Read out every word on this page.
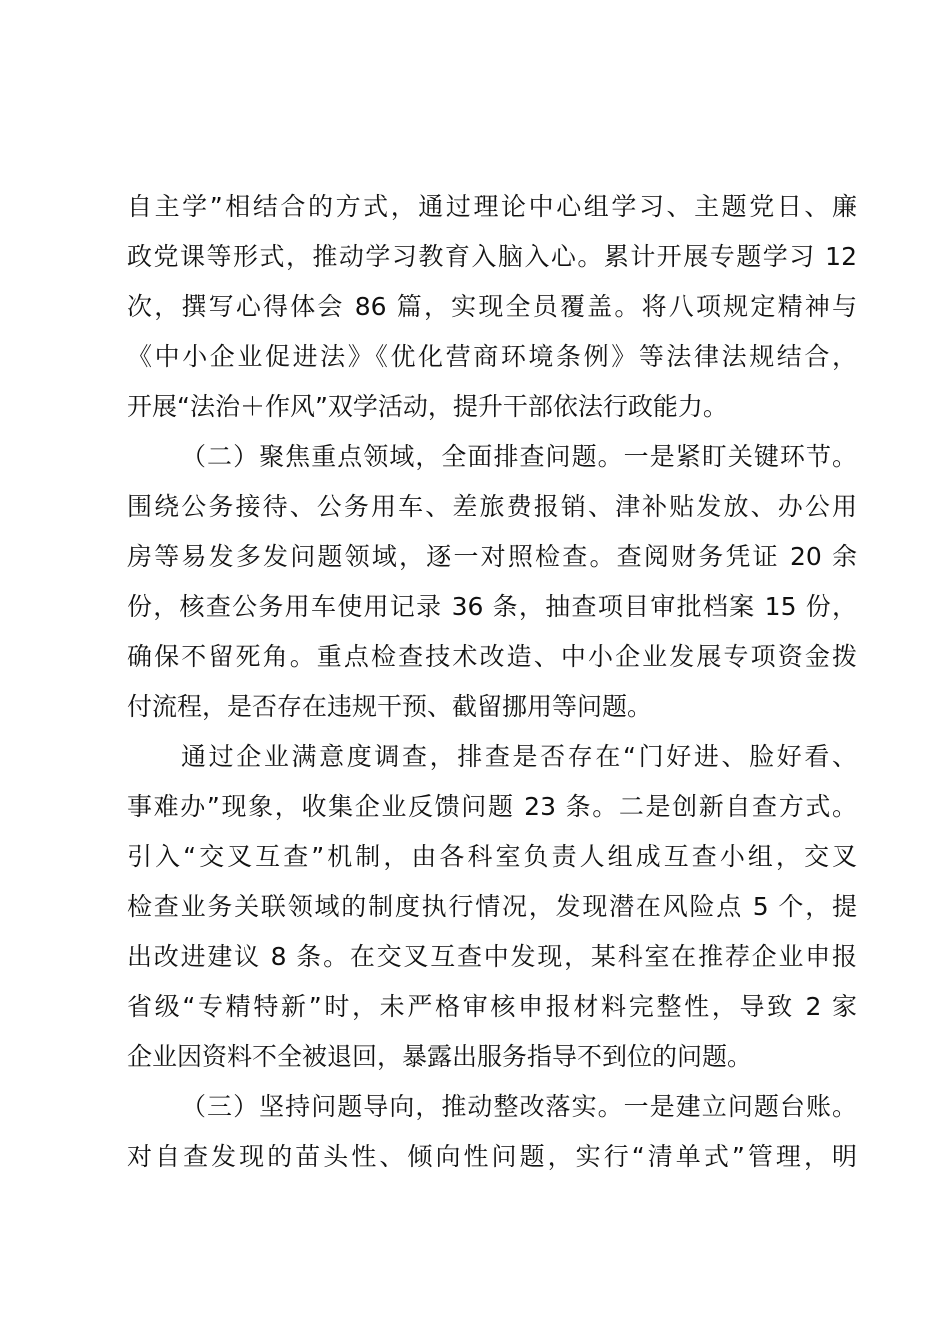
自主学”相结合的方式，通过理论中心组学习、主题党日、廉
政党课等形式，推动学习教育入脑入心。累计开展专题学习 12
次，撰写心得体会 86 篇，实现全员覆盖。将八项规定精神与
《中小企业促进法》《优化营商环境条例》等法律法规结合，
开展“法治＋作风”双学活动，提升干部依法行政能力。
（二）聚焦重点领域，全面排查问题。一是紧盯关键环节。
围绕公务接待、公务用车、差旅费报销、津补贴发放、办公用
房等易发多发问题领域，逐一对照检查。查阅财务凭证 20 余
份，核查公务用车使用记录 36 条，抽查项目审批档案 15 份，
确保不留死角。重点检查技术改造、中小企业发展专项资金拨
付流程，是否存在违规干预、截留挪用等问题。
通过企业满意度调查，排查是否存在“门好进、脸好看、
事难办”现象，收集企业反馈问题 23 条。二是创新自查方式。
引入“交叉互查”机制，由各科室负责人组成互查小组，交叉
检查业务关联领域的制度执行情况，发现潜在风险点 5 个，提
出改进建议 8 条。在交叉互查中发现，某科室在推荐企业申报
省级“专精特新”时，未严格审核申报材料完整性，导致 2 家
企业因资料不全被退回，暴露出服务指导不到位的问题。
（三）坚持问题导向，推动整改落实。一是建立问题台账。
对自查发现的苗头性、倾向性问题，实行“清单式”管理，明
